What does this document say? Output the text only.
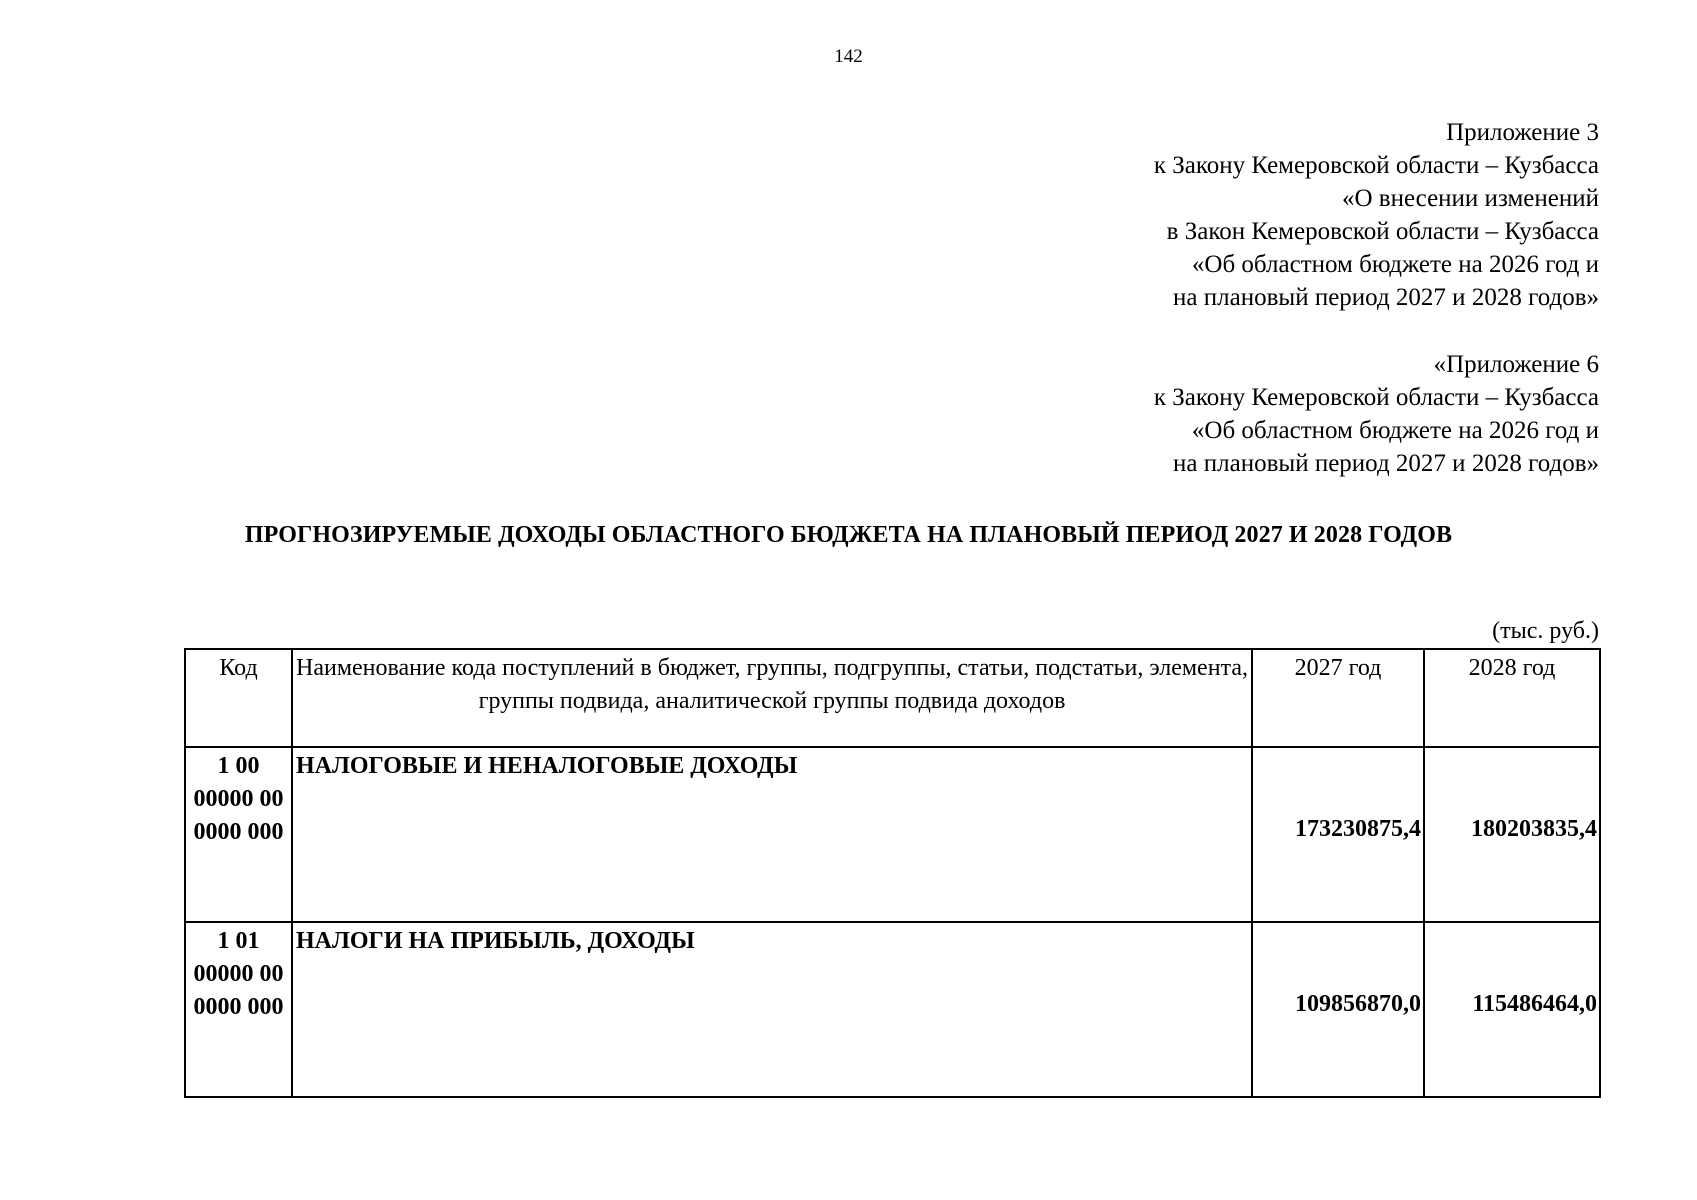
142
Приложение 3
к Закону Кемеровской области – Кузбасса
«О внесении изменений
в Закон Кемеровской области – Кузбасса
«Об областном бюджете на 2026 год и
на плановый период 2027 и 2028 годов»
«Приложение 6
к Закону Кемеровской области – Кузбасса
«Об областном бюджете на 2026 год и
на плановый период 2027 и 2028 годов»
ПРОГНОЗИРУЕМЫЕ ДОХОДЫ ОБЛАСТНОГО БЮДЖЕТА НА ПЛАНОВЫЙ ПЕРИОД 2027 И 2028 ГОДОВ
(тыс. руб.)
Код	Наименование кода поступлений в бюджет, группы, подгруппы, статьи, подстатьи, элемента, группы подвида, аналитической группы подвида доходов	2027 год	2028 год
1 00 00000 00 0000 000	НАЛОГОВЫЕ И НЕНАЛОГОВЫЕ ДОХОДЫ	173230875,4	180203835,4
1 01 00000 00 0000 000	НАЛОГИ НА ПРИБЫЛЬ, ДОХОДЫ	109856870,0	115486464,0
